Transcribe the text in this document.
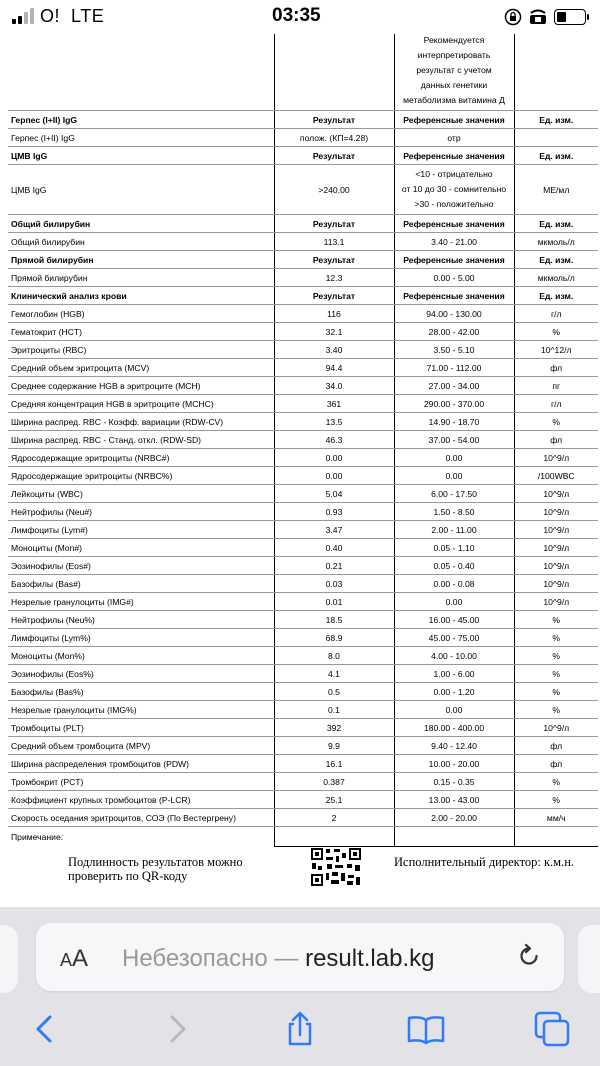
O! LTE	03:35

		Рекомендуется
интерпретировать
результат с учетом
данных генетики
метаболизма витамина Д	

Герпес (I+II) IgG	Результат	Референсные значения	Ед. изм.
Герпес (I+II) IgG	полож. (КП=4.28)	отр	
ЦМВ IgG	Результат	Референсные значения	Ед. изм.
ЦМВ IgG	>240.00	<10 - отрицательно
от 10 до 30 - сомнительно
>30 - положительно	МЕ/мл
Общий билирубин	Результат	Референсные значения	Ед. изм.
Общий билирубин	113.1	3.40 - 21.00	мкмоль/л
Прямой билирубин	Результат	Референсные значения	Ед. изм.
Прямой билирубин	12.3	0.00 - 5.00	мкмоль/л
Клинический анализ крови	Результат	Референсные значения	Ед. изм.
Гемоглобин (HGB)	116	94.00 - 130.00	г/л
Гематокрит (HCT)	32.1	28.00 - 42.00	%
Эритроциты (RBC)	3.40	3.50 - 5.10	10^12/л
Средний объем эритроцита (MCV)	94.4	71.00 - 112.00	фл
Среднее содержание HGB в эритроците (MCH)	34.0	27.00 - 34.00	пг
Средняя концентрация HGB в эритроците (MCHC)	361	290.00 - 370.00	г/л
Ширина распред. RBC - Коэфф. вариации (RDW-CV)	13.5	14.90 - 18.70	%
Ширина распред. RBC - Станд. откл. (RDW-SD)	46.3	37.00 - 54.00	фл
Ядросодержащие эритроциты (NRBC#)	0.00	0.00	10^9/л
Ядросодержащие эритроциты (NRBC%)	0.00	0.00	/100WBC
Лейкоциты (WBC)	5.04	6.00 - 17.50	10^9/л
Нейтрофилы (Neu#)	0.93	1.50 - 8.50	10^9/л
Лимфоциты (Lym#)	3.47	2.00 - 11.00	10^9/л
Моноциты (Mon#)	0.40	0.05 - 1.10	10^9/л
Эозинофилы (Eos#)	0.21	0.05 - 0.40	10^9/л
Базофилы (Bas#)	0.03	0.00 - 0.08	10^9/л
Незрелые гранулоциты (IMG#)	0.01	0.00	10^9/л
Нейтрофилы (Neu%)	18.5	16.00 - 45.00	%
Лимфоциты (Lym%)	68.9	45.00 - 75.00	%
Моноциты (Mon%)	8.0	4.00 - 10.00	%
Эозинофилы (Eos%)	4.1	1.00 - 6.00	%
Базофилы (Bas%)	0.5	0.00 - 1.20	%
Незрелые гранулоциты (IMG%)	0.1	0.00	%
Тромбоциты (PLT)	392	180.00 - 400.00	10^9/л
Средний объем тромбоцита (MPV)	9.9	9.40 - 12.40	фл
Ширина распределения тромбоцитов (PDW)	16.1	10.00 - 20.00	фл
Тромбокрит (PCT)	0.387	0.15 - 0.35	%
Коэффициент крупных тромбоцитов (P-LCR)	25.1	13.00 - 43.00	%
Скорость оседания эритроцитов, СОЭ (По Вестергрену)	2	2.00 - 20.00	мм/ч
Примечание:			
Подлинность результатов можно проверить по QR-коду
Исполнительный директор: к.м.н.
AA Небезопасно — result.lab.kg
